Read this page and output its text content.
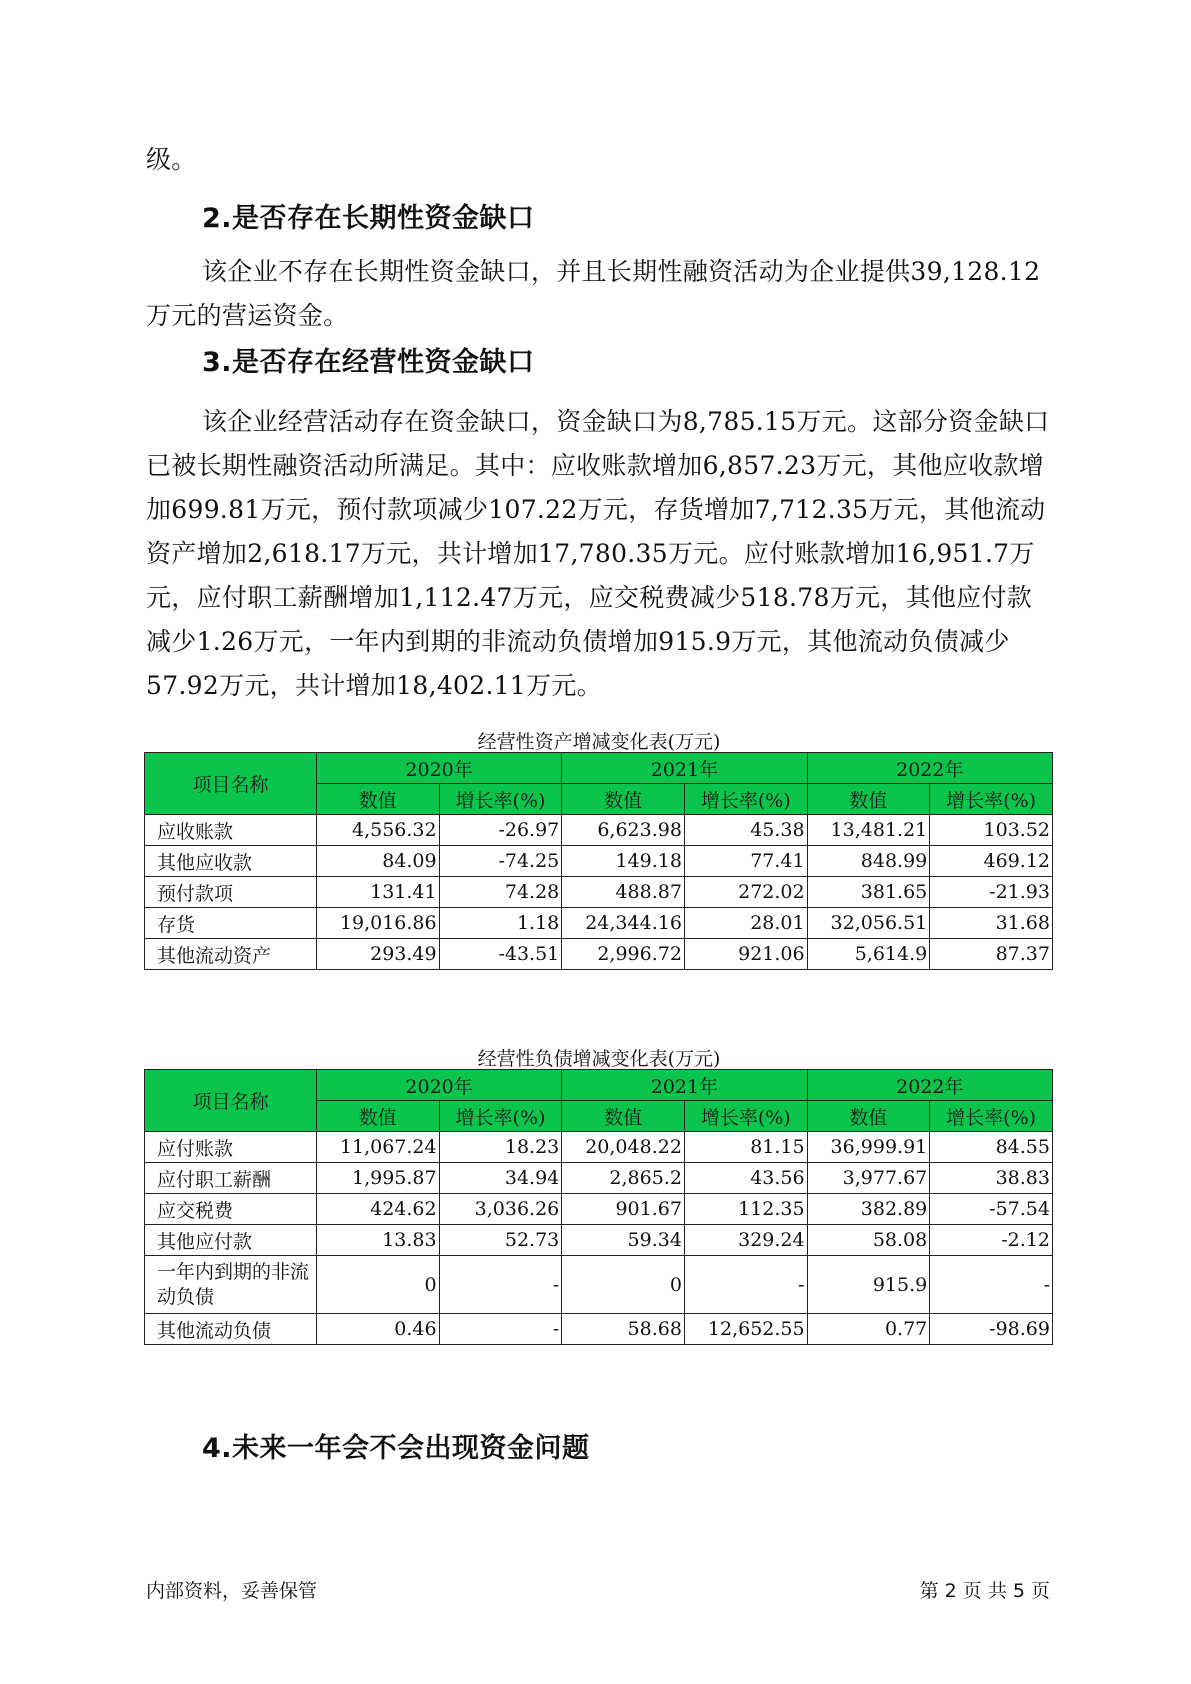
级。

2.是否存在长期性资金缺口

该企业不存在长期性资金缺口，并且长期性融资活动为企业提供39,128.12万元的营运资金。

3.是否存在经营性资金缺口

该企业经营活动存在资金缺口，资金缺口为8,785.15万元。这部分资金缺口已被长期性融资活动所满足。其中：应收账款增加6,857.23万元，其他应收款增加699.81万元，预付款项减少107.22万元，存货增加7,712.35万元，其他流动资产增加2,618.17万元，共计增加17,780.35万元。应付账款增加16,951.7万元，应付职工薪酬增加1,112.47万元，应交税费减少518.78万元，其他应付款减少1.26万元，一年内到期的非流动负债增加915.9万元，其他流动负债减少57.92万元，共计增加18,402.11万元。

经营性资产增减变化表(万元)

项目名称	2020年		2021年		2022年	
	数值	增长率(%)	数值	增长率(%)	数值	增长率(%)
应收账款	4,556.32	-26.97	6,623.98	45.38	13,481.21	103.52
其他应收款	84.09	-74.25	149.18	77.41	848.99	469.12
预付款项	131.41	74.28	488.87	272.02	381.65	-21.93
存货	19,016.86	1.18	24,344.16	28.01	32,056.51	31.68
其他流动资产	293.49	-43.51	2,996.72	921.06	5,614.9	87.37

经营性负债增减变化表(万元)

项目名称	2020年		2021年		2022年	
	数值	增长率(%)	数值	增长率(%)	数值	增长率(%)
应付账款	11,067.24	18.23	20,048.22	81.15	36,999.91	84.55
应付职工薪酬	1,995.87	34.94	2,865.2	43.56	3,977.67	38.83
应交税费	424.62	3,036.26	901.67	112.35	382.89	-57.54
其他应付款	13.83	52.73	59.34	329.24	58.08	-2.12
一年内到期的非流动负债	0	-	0	-	915.9	-
其他流动负债	0.46	-	58.68	12,652.55	0.77	-98.69
4.未来一年会不会出现资金问题

内部资料，妥善保管	第 2 页 共 5 页
